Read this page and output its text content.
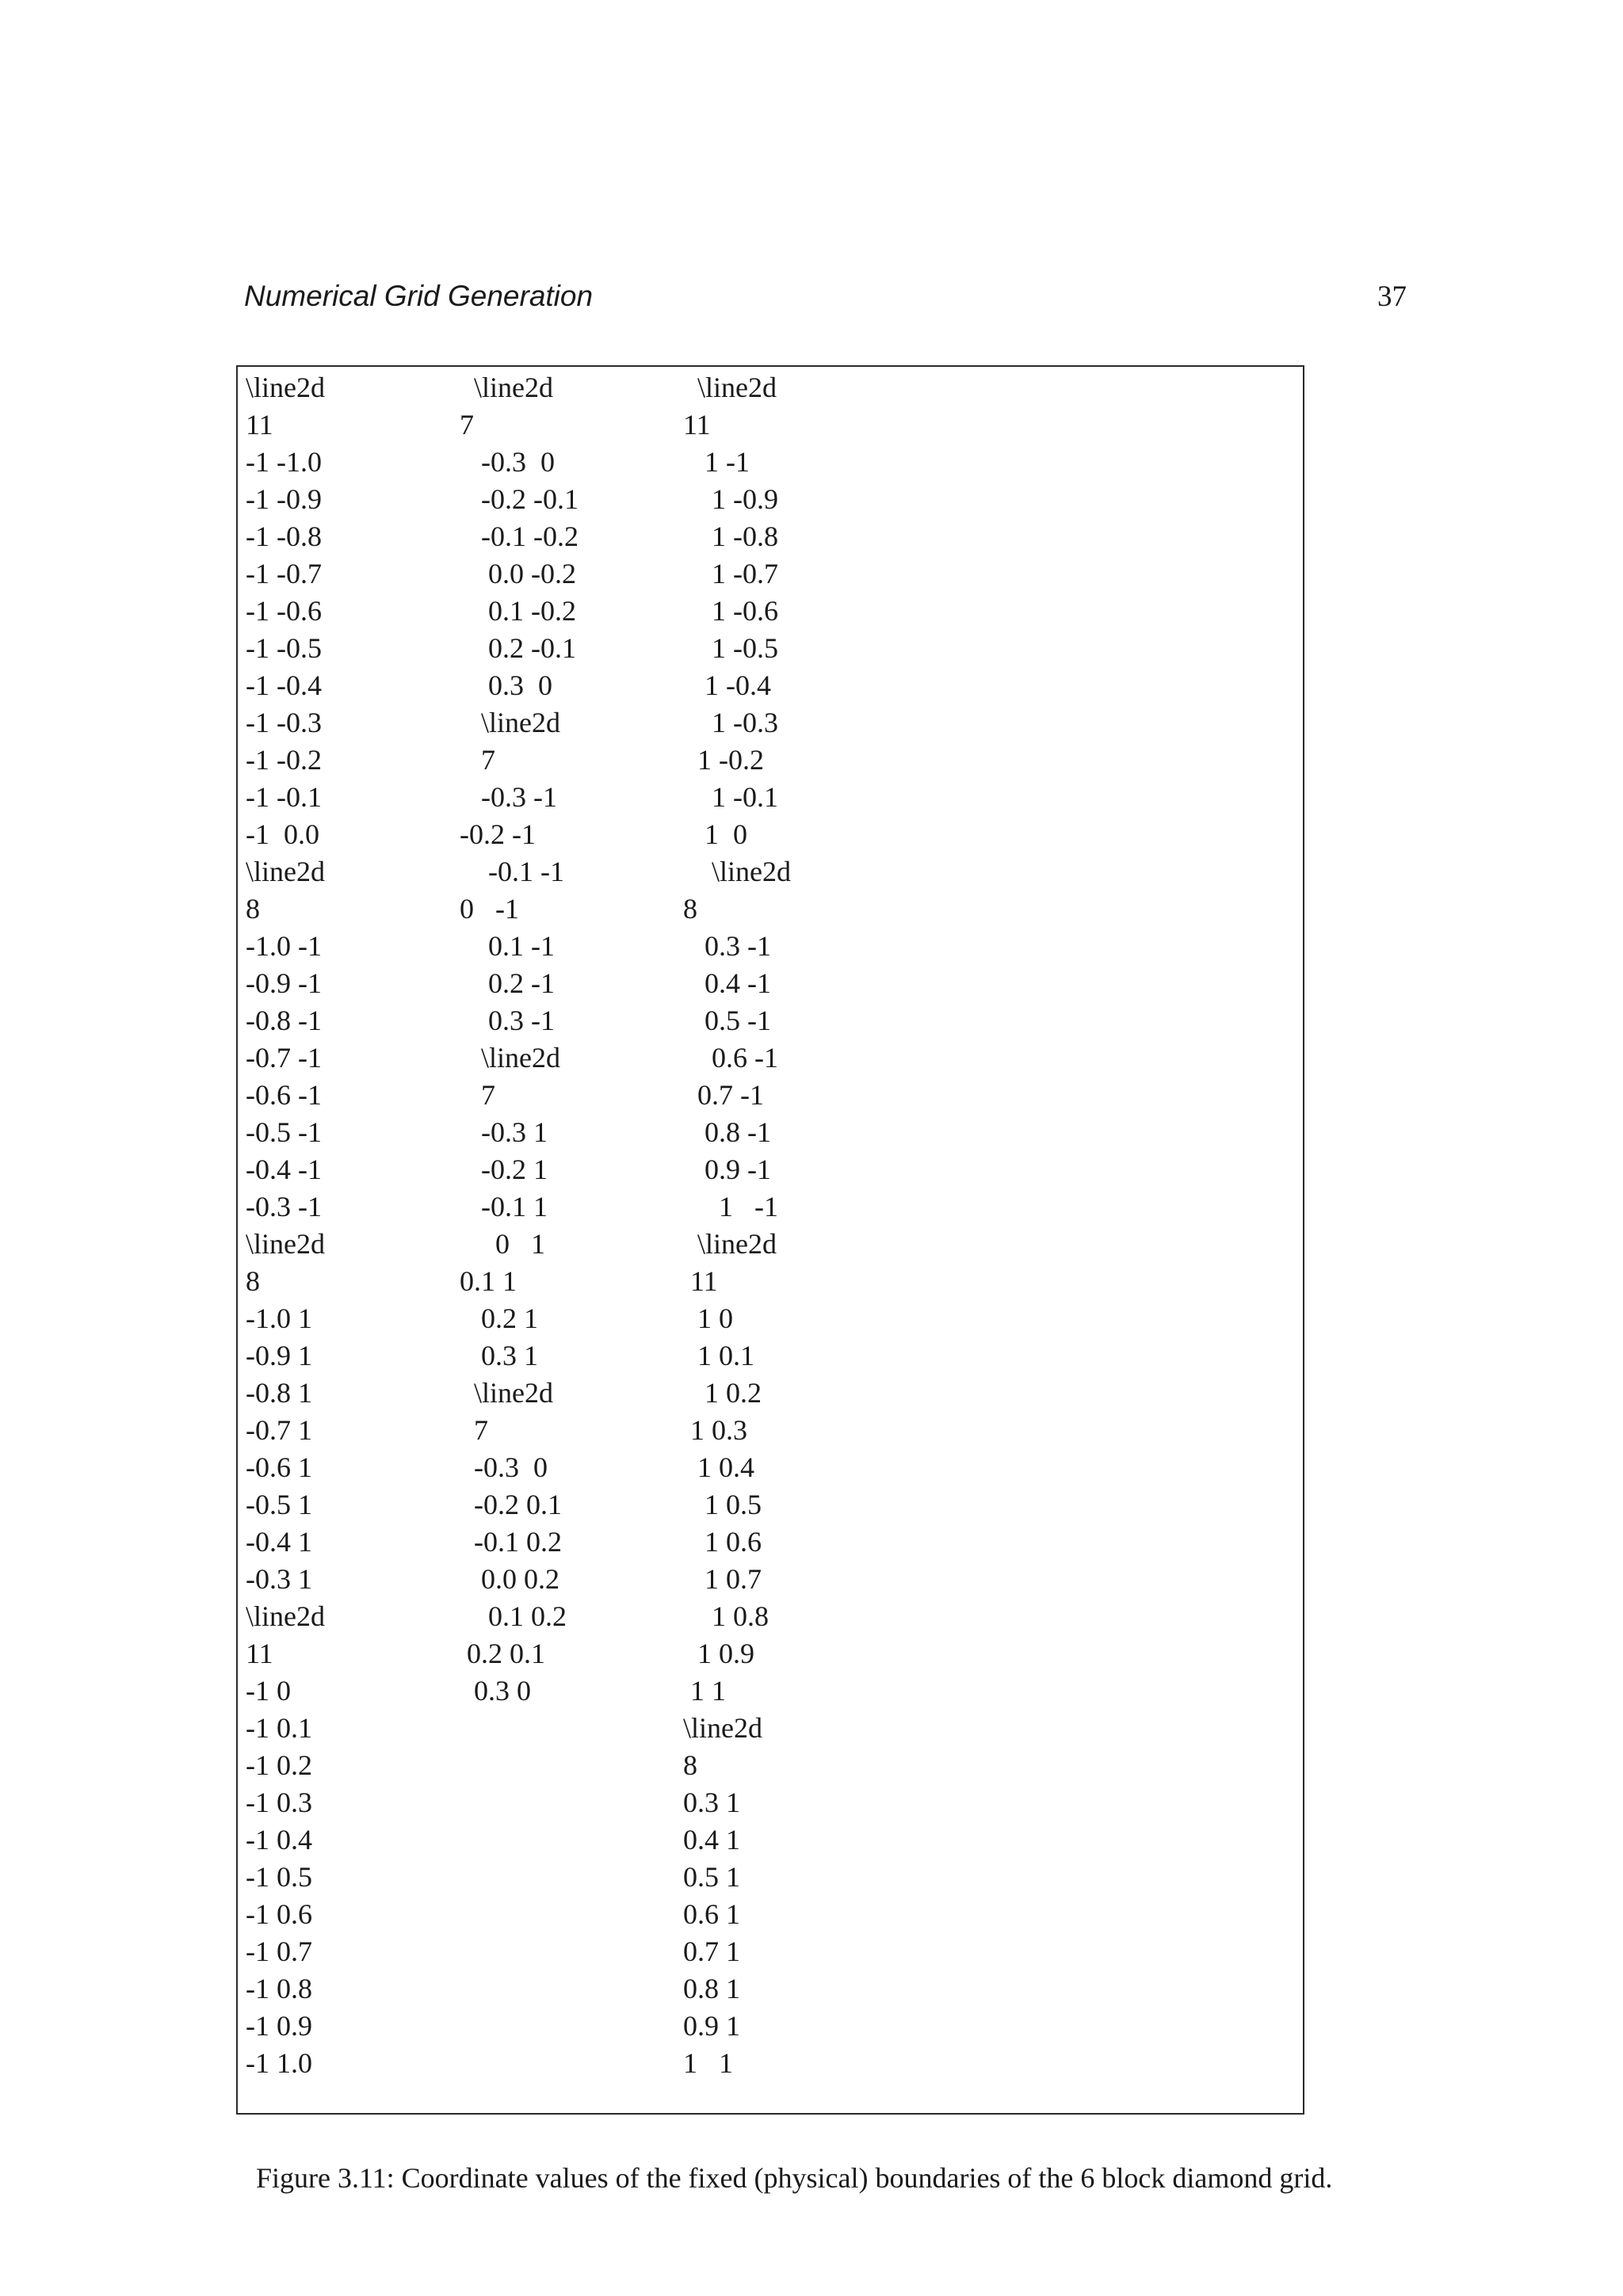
Numerical Grid Generation	37
\line2d
11
-1 -1.0
-1 -0.9
-1 -0.8
-1 -0.7
-1 -0.6
-1 -0.5
-1 -0.4
-1 -0.3
-1 -0.2
-1 -0.1
-1  0.0
\line2d
8
-1.0 -1
-0.9 -1
-0.8 -1
-0.7 -1
-0.6 -1
-0.5 -1
-0.4 -1
-0.3 -1
\line2d
8
-1.0 1
-0.9 1
-0.8 1
-0.7 1
-0.6 1
-0.5 1
-0.4 1
-0.3 1
\line2d
11
-1 0
-1 0.1
-1 0.2
-1 0.3
-1 0.4
-1 0.5
-1 0.6
-1 0.7
-1 0.8
-1 0.9
-1 1.0
\line2d
7
-0.3  0
-0.2 -0.1
-0.1 -0.2
0.0 -0.2
0.1 -0.2
0.2 -0.1
0.3  0
\line2d
7
-0.3 -1
-0.2 -1
-0.1 -1
0   -1
0.1 -1
0.2 -1
0.3 -1
\line2d
7
-0.3 1
-0.2 1
-0.1 1
0   1
0.1 1
0.2 1
0.3 1
\line2d
7
-0.3  0
-0.2 0.1
-0.1 0.2
0.0 0.2
0.1 0.2
0.2 0.1
0.3 0
\line2d
11
1 -1
1 -0.9
1 -0.8
1 -0.7
1 -0.6
1 -0.5
1 -0.4
1 -0.3
1 -0.2
1 -0.1
1  0
\line2d
8
0.3 -1
0.4 -1
0.5 -1
0.6 -1
0.7 -1
0.8 -1
0.9 -1
1   -1
\line2d
11
1 0
1 0.1
1 0.2
1 0.3
1 0.4
1 0.5
1 0.6
1 0.7
1 0.8
1 0.9
1 1
\line2d
8
0.3 1
0.4 1
0.5 1
0.6 1
0.7 1
0.8 1
0.9 1
1   1
Figure 3.11: Coordinate values of the fixed (physical) boundaries of the 6 block diamond grid.
